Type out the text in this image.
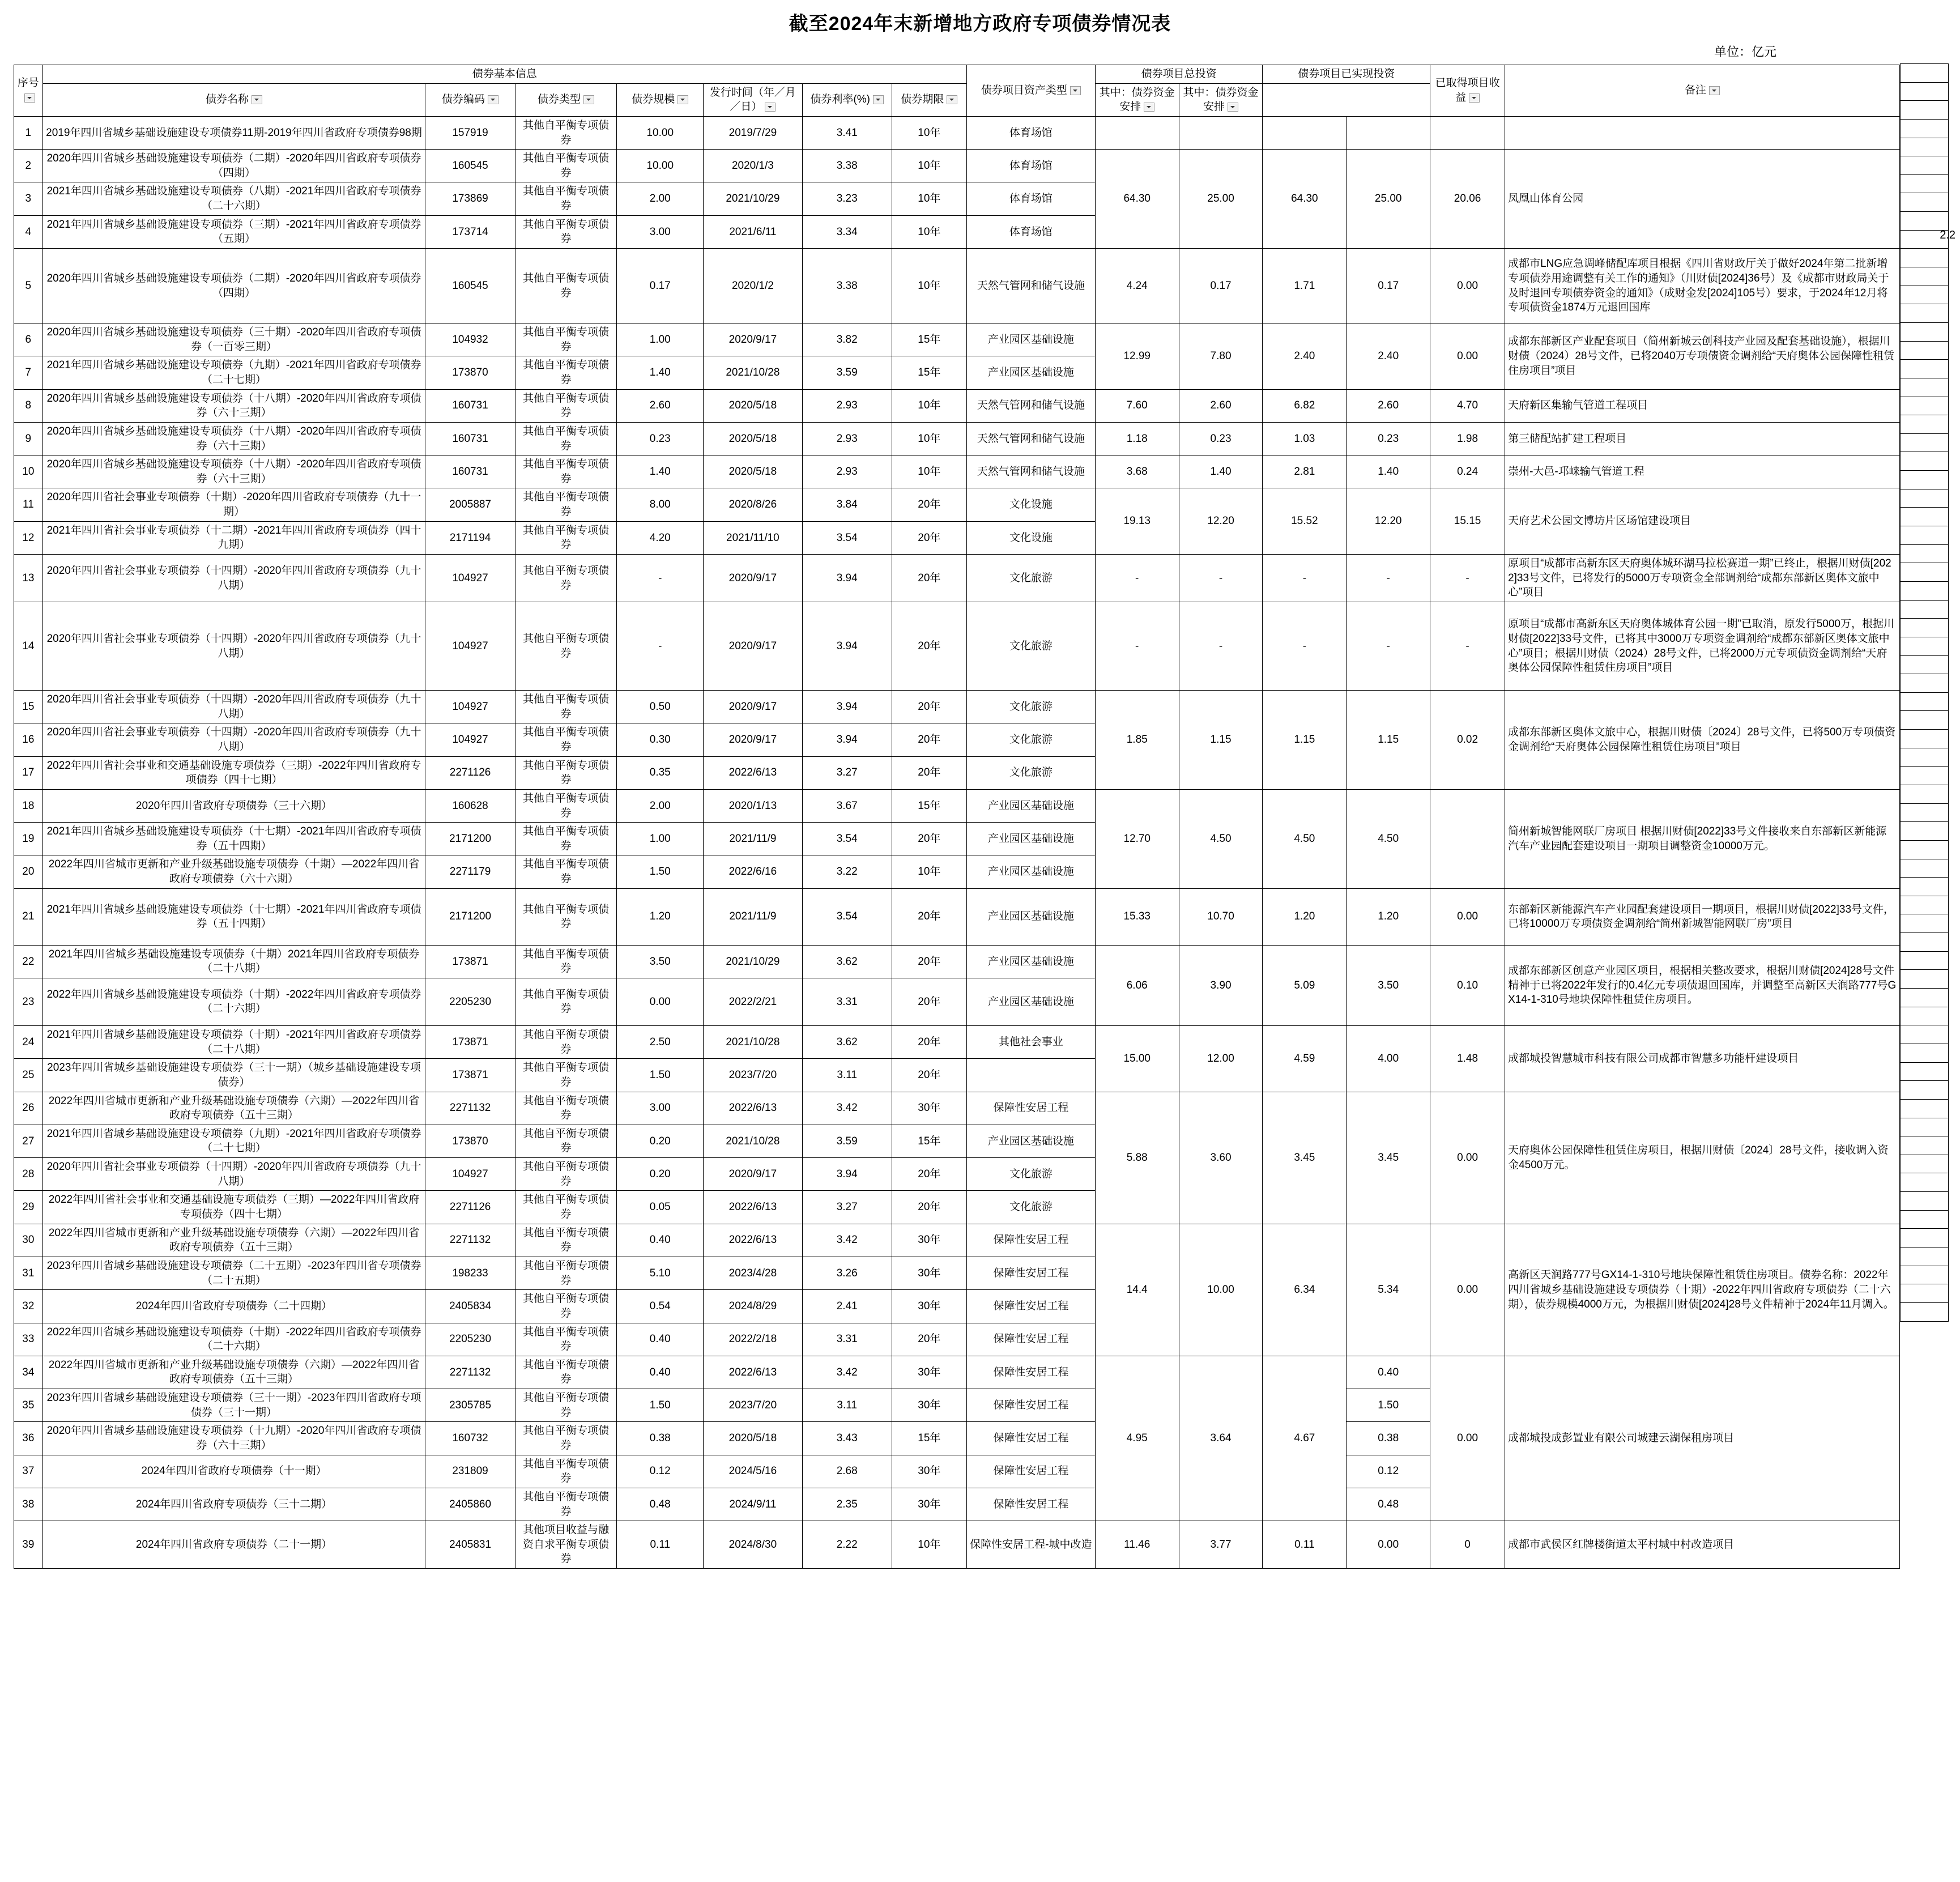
截至2024年末新增地方政府专项债券情况表
单位：亿元
2.2
序号	债券基本信息							债券项目资产类型	债券项目总投资		债券项目已实现投资		已取得项目收益	备注
	债券名称	债券编码	债券类型	债券规模	发行时间（年／月／日）	债券利率(%)	债券期限		其中：债券资金安排	其中：债券资金安排				
1	2019年四川省城乡基础设施建设专项债券11期-2019年四川省政府专项债券98期	157919	其他自平衡专项债券	10.00	2019/7/29	3.41	10年	体育场馆						
2	2020年四川省城乡基础设施建设专项债券（二期）-2020年四川省政府专项债券（四期）	160545	其他自平衡专项债券	10.00	2020/1/3	3.38	10年	体育场馆	64.30	25.00	64.30	25.00	20.06	凤凰山体育公园
3	2021年四川省城乡基础设施建设专项债券（八期）-2021年四川省政府专项债券（二十六期）	173869	其他自平衡专项债券	2.00	2021/10/29	3.23	10年	体育场馆						
4	2021年四川省城乡基础设施建设专项债券（三期）-2021年四川省政府专项债券（五期）	173714	其他自平衡专项债券	3.00	2021/6/11	3.34	10年	体育场馆						
5	2020年四川省城乡基础设施建设专项债券（二期）-2020年四川省政府专项债券（四期）	160545	其他自平衡专项债券	0.17	2020/1/2	3.38	10年	天然气管网和储气设施	4.24	0.17	1.71	0.17	0.00	成都市LNG应急调峰储配库项目根据《四川省财政厅关于做好2024年第二批新增专项债券用途调整有关工作的通知》（川财债[2024]36号）及《成都市财政局关于及时退回专项债券资金的通知》（成财金发[2024]105号）要求，于2024年12月将专项债资金1874万元退回国库
6	2020年四川省城乡基础设施建设专项债券（三十期）-2020年四川省政府专项债券（一百零三期）	104932	其他自平衡专项债券	1.00	2020/9/17	3.82	15年	产业园区基础设施	12.99	7.80	2.40	2.40	0.00	成都东部新区产业配套项目（简州新城云创科技产业园及配套基础设施），根据川财债（2024）28号文件，已将2040万专项债资金调剂给“天府奥体公园保障性租赁住房项目”项目
7	2021年四川省城乡基础设施建设专项债券（九期）-2021年四川省政府专项债券（二十七期）	173870	其他自平衡专项债券	1.40	2021/10/28	3.59	15年	产业园区基础设施						
8	2020年四川省城乡基础设施建设专项债券（十八期）-2020年四川省政府专项债券（六十三期）	160731	其他自平衡专项债券	2.60	2020/5/18	2.93	10年	天然气管网和储气设施	7.60	2.60	6.82	2.60	4.70	天府新区集输气管道工程项目
9	2020年四川省城乡基础设施建设专项债券（十八期）-2020年四川省政府专项债券（六十三期）	160731	其他自平衡专项债券	0.23	2020/5/18	2.93	10年	天然气管网和储气设施	1.18	0.23	1.03	0.23	1.98	第三储配站扩建工程项目
10	2020年四川省城乡基础设施建设专项债券（十八期）-2020年四川省政府专项债券（六十三期）	160731	其他自平衡专项债券	1.40	2020/5/18	2.93	10年	天然气管网和储气设施	3.68	1.40	2.81	1.40	0.24	崇州-大邑-邛崃输气管道工程
11	2020年四川省社会事业专项债券（十期）-2020年四川省政府专项债券（九十一期）	2005887	其他自平衡专项债券	8.00	2020/8/26	3.84	20年	文化设施	19.13	12.20	15.52	12.20	15.15	天府艺术公园文博坊片区场馆建设项目
12	2021年四川省社会事业专项债券（十二期）-2021年四川省政府专项债券（四十九期）	2171194	其他自平衡专项债券	4.20	2021/11/10	3.54	20年	文化设施						
13	2020年四川省社会事业专项债券（十四期）-2020年四川省政府专项债券（九十八期）	104927	其他自平衡专项债券	-	2020/9/17	3.94	20年	文化旅游	-	-	-	-	-	原项目“成都市高新东区天府奥体城环湖马拉松赛道一期”已终止，根据川财债[2022]33号文件，已将发行的5000万专项资金全部调剂给“成都东部新区奥体文旅中心”项目
14	2020年四川省社会事业专项债券（十四期）-2020年四川省政府专项债券（九十八期）	104927	其他自平衡专项债券	-	2020/9/17	3.94	20年	文化旅游	-	-	-	-	-	原项目“成都市高新东区天府奥体城体育公园一期”已取消，原发行5000万，根据川财债[2022]33号文件，已将其中3000万专项资金调剂给“成都东部新区奥体文旅中心”项目；根据川财债（2024）28号文件，已将2000万元专项债资金调剂给“天府奥体公园保障性租赁住房项目”项目
15	2020年四川省社会事业专项债券（十四期）-2020年四川省政府专项债券（九十八期）	104927	其他自平衡专项债券	0.50	2020/9/17	3.94	20年	文化旅游	1.85	1.15	1.15	1.15	0.02	成都东部新区奥体文旅中心，根据川财债〔2024〕28号文件，已将500万专项债资金调剂给“天府奥体公园保障性租赁住房项目”项目
16	2020年四川省社会事业专项债券（十四期）-2020年四川省政府专项债券（九十八期）	104927	其他自平衡专项债券	0.30	2020/9/17	3.94	20年	文化旅游						
17	2022年四川省社会事业和交通基础设施专项债券（三期）-2022年四川省政府专项债券（四十七期）	2271126	其他自平衡专项债券	0.35	2022/6/13	3.27	20年	文化旅游						
18	2020年四川省政府专项债券（三十六期）	160628	其他自平衡专项债券	2.00	2020/1/13	3.67	15年	产业园区基础设施	12.70	4.50	4.50	4.50		简州新城智能网联厂房项目 根据川财债[2022]33号文件接收来自东部新区新能源汽车产业园配套建设项目一期项目调整资金10000万元。
19	2021年四川省城乡基础设施建设专项债券（十七期）-2021年四川省政府专项债券（五十四期）	2171200	其他自平衡专项债券	1.00	2021/11/9	3.54	20年	产业园区基础设施						
20	2022年四川省城市更新和产业升级基础设施专项债券（十期）—2022年四川省政府专项债券（六十六期）	2271179	其他自平衡专项债券	1.50	2022/6/16	3.22	10年	产业园区基础设施						
21	2021年四川省城乡基础设施建设专项债券（十七期）-2021年四川省政府专项债券（五十四期）	2171200	其他自平衡专项债券	1.20	2021/11/9	3.54	20年	产业园区基础设施	15.33	10.70	1.20	1.20	0.00	东部新区新能源汽车产业园配套建设项目一期项目，根据川财债[2022]33号文件，已将10000万专项债资金调剂给“简州新城智能网联厂房”项目
22	2021年四川省城乡基础设施建设专项债券（十期）2021年四川省政府专项债券（二十八期）	173871	其他自平衡专项债券	3.50	2021/10/29	3.62	20年	产业园区基础设施	6.06	3.90	5.09	3.50	0.10	成都东部新区创意产业园区项目，根据相关整改要求，根据川财债[2024]28号文件精神于已将2022年发行的0.4亿元专项债退回国库，并调整至高新区天润路777号GX14-1-310号地块保障性租赁住房项目。
23	2022年四川省城乡基础设施建设专项债券（十期）-2022年四川省政府专项债券（二十六期）	2205230	其他自平衡专项债券	0.00	2022/2/21	3.31	20年	产业园区基础设施						
24	2021年四川省城乡基础设施建设专项债券（十期）-2021年四川省政府专项债券（二十八期）	173871	其他自平衡专项债券	2.50	2021/10/28	3.62	20年	其他社会事业	15.00	12.00	4.59	4.00	1.48	成都城投智慧城市科技有限公司成都市智慧多功能杆建设项目
25	2023年四川省城乡基础设施建设专项债券（三十一期）（城乡基础设施建设专项债券）	173871	其他自平衡专项债券	1.50	2023/7/20	3.11	20年							
26	2022年四川省城市更新和产业升级基础设施专项债券（六期）—2022年四川省政府专项债券（五十三期）	2271132	其他自平衡专项债券	3.00	2022/6/13	3.42	30年	保障性安居工程	5.88	3.60	3.45	3.45	0.00	天府奥体公园保障性租赁住房项目，根据川财债〔2024〕28号文件，接收调入资金4500万元。
27	2021年四川省城乡基础设施建设专项债券（九期）-2021年四川省政府专项债券（二十七期）	173870	其他自平衡专项债券	0.20	2021/10/28	3.59	15年	产业园区基础设施						
28	2020年四川省社会事业专项债券（十四期）-2020年四川省政府专项债券（九十八期）	104927	其他自平衡专项债券	0.20	2020/9/17	3.94	20年	文化旅游						
29	2022年四川省社会事业和交通基础设施专项债券（三期）—2022年四川省政府专项债券（四十七期）	2271126	其他自平衡专项债券	0.05	2022/6/13	3.27	20年	文化旅游						
30	2022年四川省城市更新和产业升级基础设施专项债券（六期）—2022年四川省政府专项债券（五十三期）	2271132	其他自平衡专项债券	0.40	2022/6/13	3.42	30年	保障性安居工程	14.4	10.00	6.34	5.34	0.00	高新区天润路777号GX14-1-310号地块保障性租赁住房项目。债券名称：2022年四川省城乡基础设施建设专项债券（十期）-2022年四川省政府专项债券（二十六期），债券规模4000万元，为根据川财债[2024]28号文件精神于2024年11月调入。
31	2023年四川省城乡基础设施建设专项债券（二十五期）-2023年四川省专项债券（二十五期）	198233	其他自平衡专项债券	5.10	2023/4/28	3.26	30年	保障性安居工程						
32	2024年四川省政府专项债券（二十四期）	2405834	其他自平衡专项债券	0.54	2024/8/29	2.41	30年	保障性安居工程						
33	2022年四川省城乡基础设施建设专项债券（十期）-2022年四川省政府专项债券（二十六期）	2205230	其他自平衡专项债券	0.40	2022/2/18	3.31	20年	保障性安居工程						
34	2022年四川省城市更新和产业升级基础设施专项债券（六期）—2022年四川省政府专项债券（五十三期）	2271132	其他自平衡专项债券	0.40	2022/6/13	3.42	30年	保障性安居工程	4.95	3.64	4.67	0.40	0.00	成都城投成彭置业有限公司城建云湖保租房项目
35	2023年四川省城乡基础设施建设专项债券（三十一期）-2023年四川省政府专项债券（三十一期）	2305785	其他自平衡专项债券	1.50	2023/7/20	3.11	30年	保障性安居工程				1.50		
36	2020年四川省城乡基础设施建设专项债券（十九期）-2020年四川省政府专项债券（六十三期）	160732	其他自平衡专项债券	0.38	2020/5/18	3.43	15年	保障性安居工程				0.38		
37	2024年四川省政府专项债券（十一期）	231809	其他自平衡专项债券	0.12	2024/5/16	2.68	30年	保障性安居工程				0.12		
38	2024年四川省政府专项债券（三十二期）	2405860	其他自平衡专项债券	0.48	2024/9/11	2.35	30年	保障性安居工程				0.48		
39	2024年四川省政府专项债券（二十一期）	2405831	其他项目收益与融资自求平衡专项债券	0.11	2024/8/30	2.22	10年	保障性安居工程-城中改造	11.46	3.77	0.11	0.00	0	成都市武侯区红牌楼街道太平村城中村改造项目
